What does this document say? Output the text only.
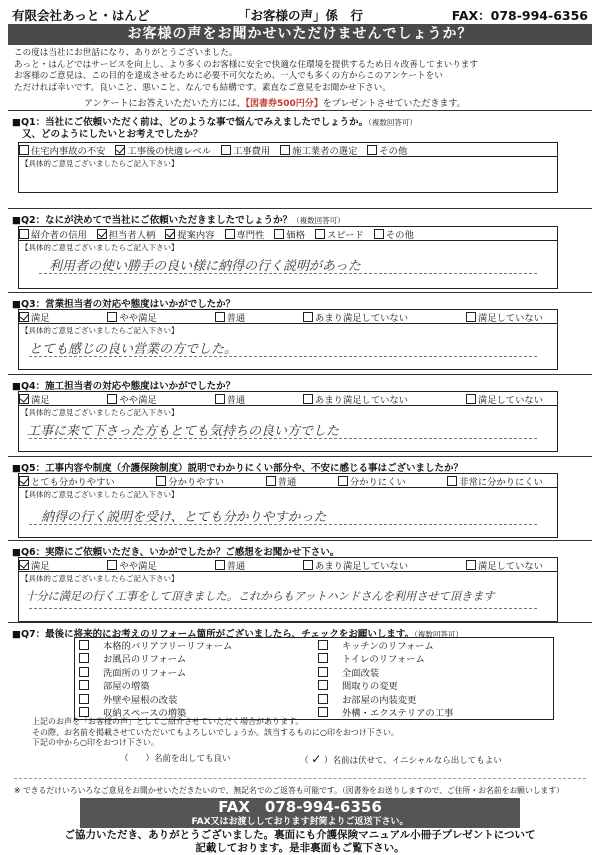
有限会社あっと・はんど	「お客様の声」係　行	FAX：078-994-6356
お客様の声をお聞かせいただけませんでしょうか？
この度は当社にお世話になり、ありがとうございました。
あっと・はんどではサービスを向上し、より多くのお客様に安全で快適な住環境を提供するため日々改善してまいります
お客様のご意見は、この目的を達成させるために必要不可欠なため、一人でも多くの方からこのアンケートをい
ただければ幸いです。良いこと、悪いこと、なんでも結構です。素直なご意見をお聞かせ下さい。
アンケートにお答えいただいた方には、【図書券500円分】をプレゼントさせていただきます。
■Q1：当社にご依頼いただく前は、どのような事で悩んでみえましたでしょうか。（複数回答可）
又、どのようにしたいとお考えでしたか？
住宅内事故の不安 工事後の快適レベル 工事費用 施工業者の選定 その他
【具体的ご意見ございましたらご記入下さい】
■Q2：なにが決めてで当社にご依頼いただきましたでしょうか？（複数回答可）
紹介者の信用 担当者人柄 提案内容 専門性 価格 スピード その他
【具体的ご意見ございましたらご記入下さい】
利用者の使い勝手の良い様に納得の行く説明があった
■Q3：営業担当者の対応や態度はいかがでしたか？
満足	やや満足	普通	あまり満足していない	満足していない
【具体的ご意見ございましたらご記入下さい】
とても感じの良い営業の方でした。
■Q4：施工担当者の対応や態度はいかがでしたか？
満足	やや満足	普通	あまり満足していない	満足していない
【具体的ご意見ございましたらご記入下さい】
工事に来て下さった方もとても気持ちの良い方でした
■Q5：工事内容や制度（介護保険制度）説明でわかりにくい部分や、不安に感じる事はございましたか？
とても分かりやすい	分かりやすい	普通	分かりにくい	非常に分かりにくい
【具体的ご意見ございましたらご記入下さい】
納得の行く説明を受け、とても分かりやすかった
■Q6：実際にご依頼いただき、いかがでしたか？ご感想をお聞かせ下さい。
満足	やや満足	普通	あまり満足していない	満足していない
【具体的ご意見ございましたらご記入下さい】
十分に満足の行く工事をして頂きました。これからもアットハンドさんを利用させて頂きます
■Q7：最後に将来的にお考えのリフォーム箇所がございましたら、チェックをお願いします。（複数回答可）
本格的バリアフリーリフォーム	キッチンのリフォーム
お風呂のリフォーム	トイレのリフォーム
洗面所のリフォーム	全面改装
部屋の増築	間取りの変更
外壁や屋根の改装	お部屋の内装変更
収納スペースの増築	外構・エクステリアの工事
上記のお声を「お客様の声」としてご紹介させていただく場合があります。
その際、お名前を掲載させていただいてもよろしいでしょうか。該当するものに○印をおつけ下さい。
下記の中から○印をおつけ下さい。
（　　）名前を出しても良い	（ ✓ ）名前は伏せて、イニシャルなら出してもよい
※ できるだけいろいろなご意見をお聞かせいただきたいので、無記名でのご返答も可能です。（図書券をお送りしますので、ご住所・お名前をお願いします）
FAX　078-994-6356
FAX又はお渡ししております封筒よりご返送下さい。
ご協力いただき、ありがとうございました。裏面にも介護保険マニュアル小冊子プレゼントについて
記載しております。是非裏面もご覧下さい。
